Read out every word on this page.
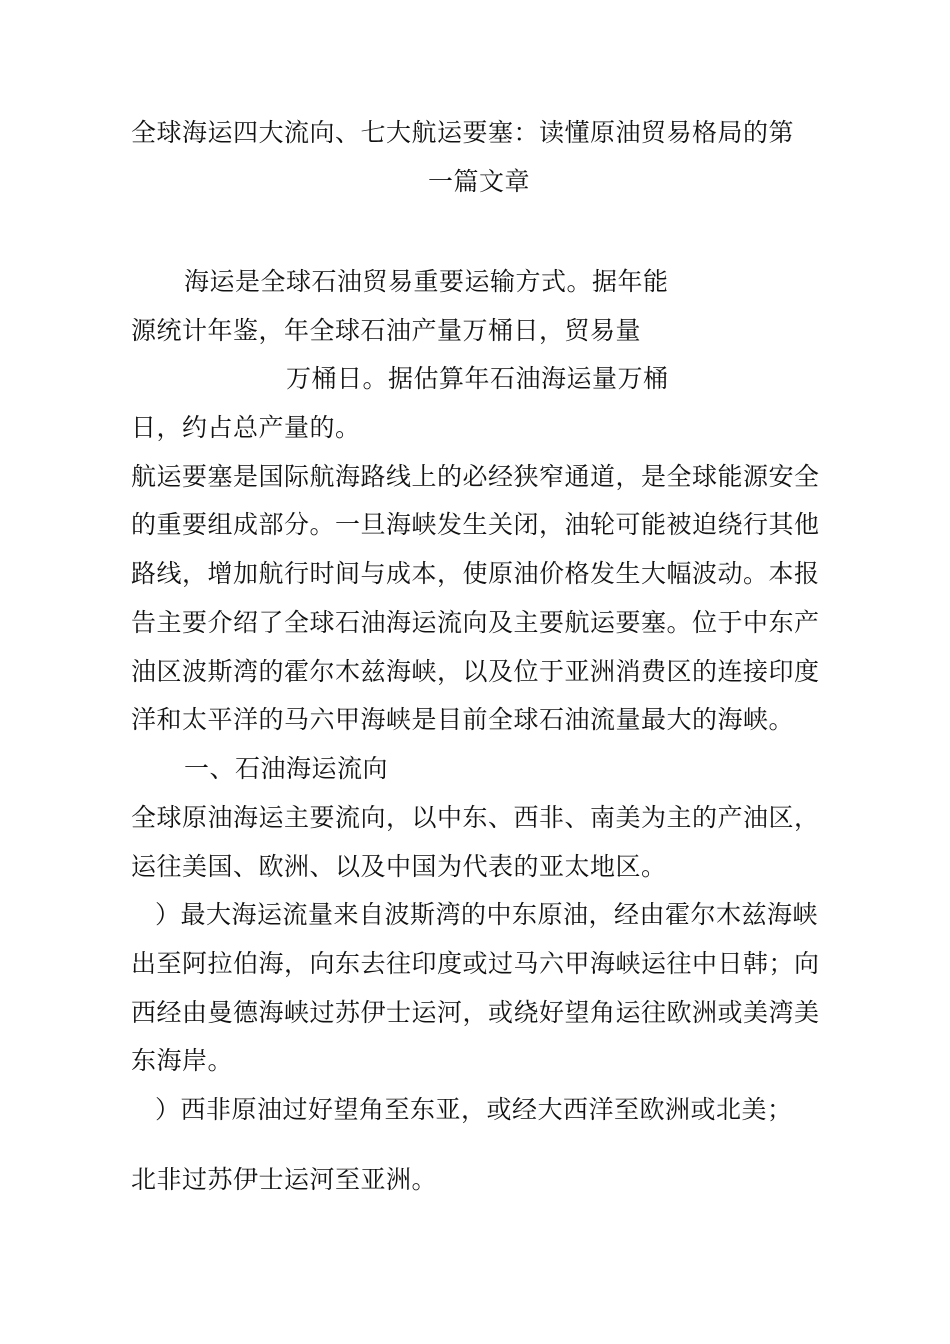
全球海运四大流向、七大航运要塞：读懂原油贸易格局的第
一篇文章
海运是全球石油贸易重要运输方式。据年能
源统计年鉴，年全球石油产量万桶日，贸易量
万桶日。据估算年石油海运量万桶
日，约占总产量的。
航运要塞是国际航海路线上的必经狭窄通道，是全球能源安全
的重要组成部分。一旦海峡发生关闭，油轮可能被迫绕行其他
路线，增加航行时间与成本，使原油价格发生大幅波动。本报
告主要介绍了全球石油海运流向及主要航运要塞。位于中东产
油区波斯湾的霍尔木兹海峡，以及位于亚洲消费区的连接印度
洋和太平洋的马六甲海峡是目前全球石油流量最大的海峡。
一、石油海运流向
全球原油海运主要流向，以中东、西非、南美为主的产油区，
运往美国、欧洲、以及中国为代表的亚太地区。
）最大海运流量来自波斯湾的中东原油，经由霍尔木兹海峡
出至阿拉伯海，向东去往印度或过马六甲海峡运往中日韩；向
西经由曼德海峡过苏伊士运河，或绕好望角运往欧洲或美湾美
东海岸。
）西非原油过好望角至东亚，或经大西洋至欧洲或北美；
北非过苏伊士运河至亚洲。
